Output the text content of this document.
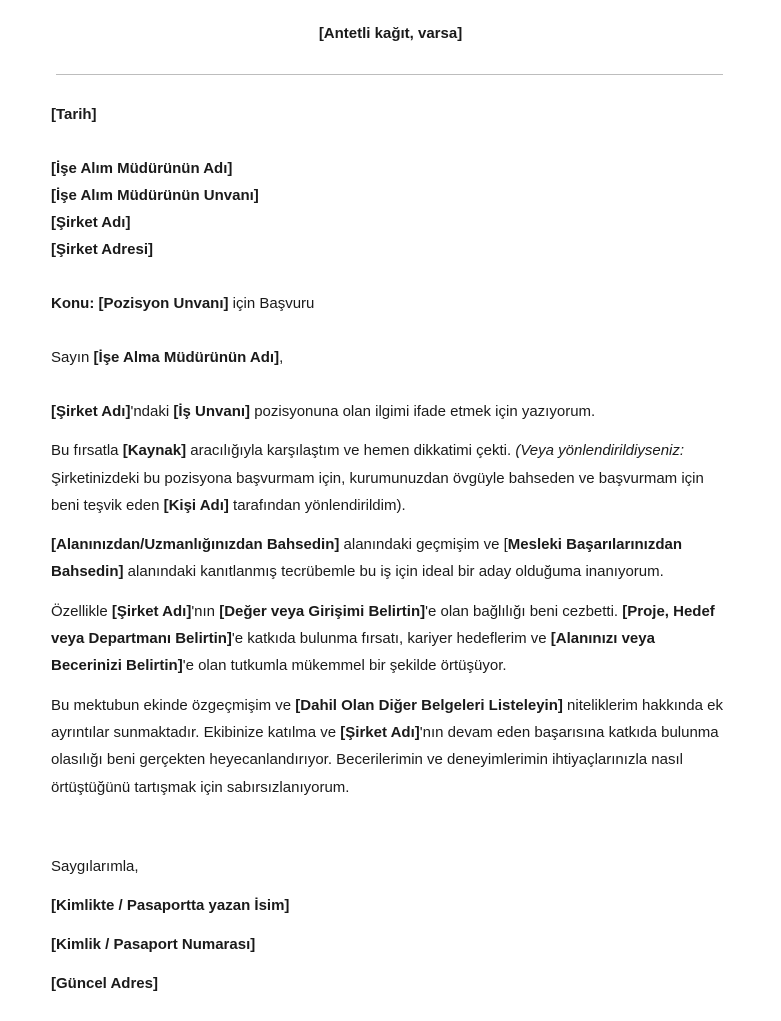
[Antetli kağıt, varsa]
[Tarih]
[İşe Alım Müdürünün Adı]
[İşe Alım Müdürünün Unvanı]
[Şirket Adı]
[Şirket Adresi]
Konu: [Pozisyon Unvanı] için Başvuru
Sayın [İşe Alma Müdürünün Adı],

[Şirket Adı]'ndaki [İş Unvanı] pozisyonuna olan ilgimi ifade etmek için yazıyorum.

Bu fırsatla [Kaynak] aracılığıyla karşılaştım ve hemen dikkatimi çekti. (Veya yönlendirildiyseniz: Şirketinizdeki bu pozisyona başvurmam için, kurumunuzdan övgüyle bahseden ve başvurmam için beni teşvik eden [Kişi Adı] tarafından yönlendirildim).

[Alanınızdan/Uzmanlığınızdan Bahsedin] alanındaki geçmişim ve [Mesleki Başarılarınızdan Bahsedin] alanındaki kanıtlanmış tecrübemle bu iş için ideal bir aday olduğuma inanıyorum.

Özellikle [Şirket Adı]'nın [Değer veya Girişimi Belirtin]'e olan bağlılığı beni cezbetti. [Proje, Hedef veya Departmanı Belirtin]'e katkıda bulunma fırsatı, kariyer hedeflerim ve [Alanınızı veya Becerinizi Belirtin]'e olan tutkumla mükemmel bir şekilde örtüşüyor.

Bu mektubun ekinde özgeçmişim ve [Dahil Olan Diğer Belgeleri Listeleyin] niteliklerim hakkında ek ayrıntılar sunmaktadır. Ekibinize katılma ve [Şirket Adı]'nın devam eden başarısına katkıda bulunma olasılığı beni gerçekten heyecanlandırıyor. Becerilerimin ve deneyimlerimin ihtiyaçlarınızla nasıl örtüştüğünü tartışmak için sabırsızlanıyorum.

Saygılarımla,
[Kimlikte / Pasaportta yazan İsim]
[Kimlik / Pasaport Numarası]
[Güncel Adres]
